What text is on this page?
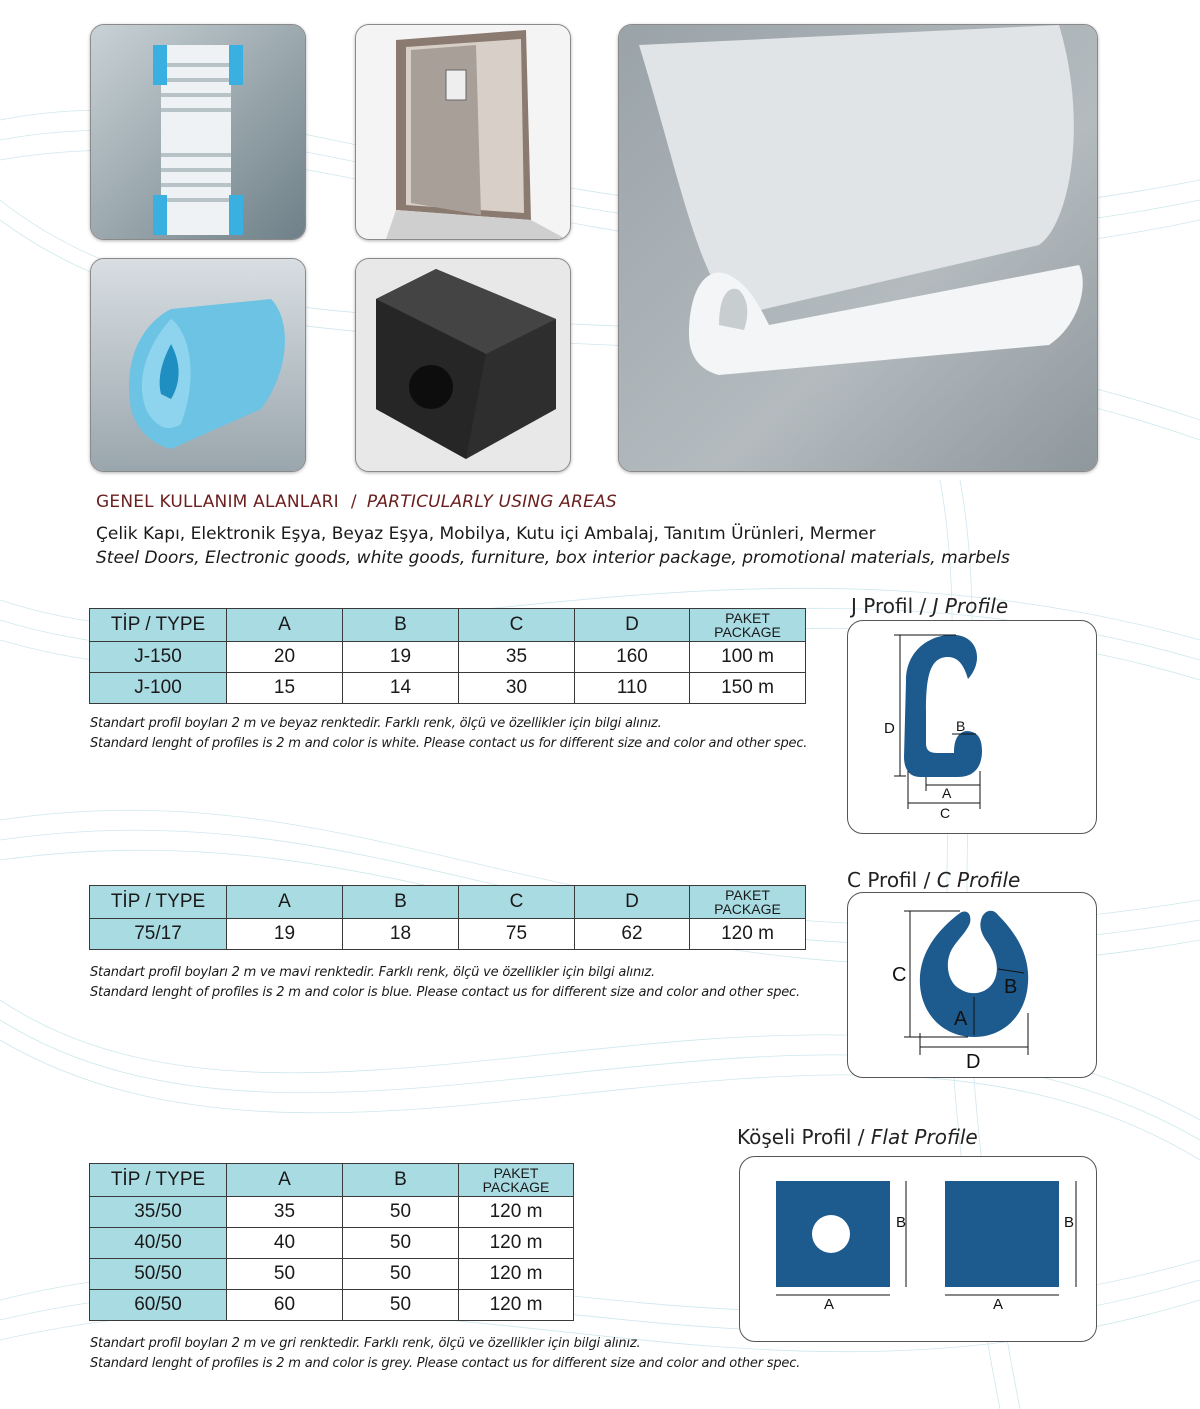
GENEL KULLANIM ALANLARI / PARTICULARLY USING AREAS
Çelik Kapı, Elektronik Eşya, Beyaz Eşya, Mobilya, Kutu içi Ambalaj, Tanıtım Ürünleri, Mermer
Steel Doors, Electronic goods, white goods, furniture, box interior package, promotional materials, marbels
TİP / TYPE	A	B	C	D	PAKET
PACKAGE

J-150	20	19	35	160	100 m
J-100	15	14	30	110	150 m
Standart profil boyları 2 m ve beyaz renktedir. Farklı renk, ölçü ve özellikler için bilgi alınız.
Standard lenght of profiles is 2 m and color is white. Please contact us for different size and color and other spec.
J Profil / J Profile
D	B
A
C
TİP / TYPE	A	B	C	D	PAKET
PACKAGE

75/17	19	18	75	62	120 m
Standart profil boyları 2 m ve mavi renktedir. Farklı renk, ölçü ve özellikler için bilgi alınız.
Standard lenght of profiles is 2 m and color is blue. Please contact us for different size and color and other spec.
C Profil / C Profile
C
B
A
D
TİP / TYPE	A	B	PAKET
PACKAGE

35/50	35	50	120 m
40/50	40	50	120 m
50/50	50	50	120 m
60/50	60	50	120 m
Standart profil boyları 2 m ve gri renktedir. Farklı renk, ölçü ve özellikler için bilgi alınız.
Standard lenght of profiles is 2 m and color is grey. Please contact us for different size and color and other spec.
Köşeli Profil / Flat Profile
A
B
A
B
